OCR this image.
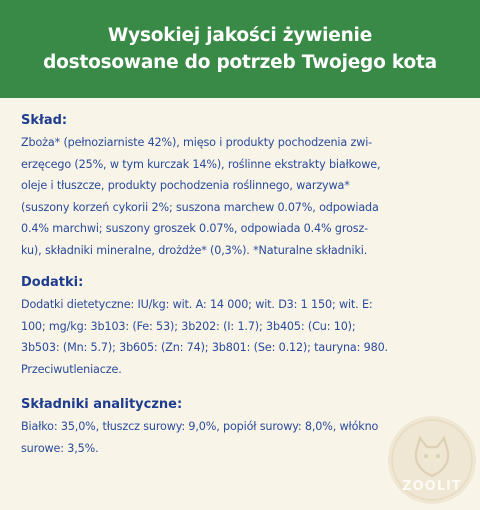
Wysokiej jakości żywienie
dostosowane do potrzeb Twojego kota
Skład:
Zboża* (pełnoziarniste 42%), mięso i produkty pochodzenia zwi-
erzęcego (25%, w tym kurczak 14%), roślinne ekstrakty białkowe,
oleje i tłuszcze, produkty pochodzenia roślinnego, warzywa*
(suszony korzeń cykorii 2%; suszona marchew 0.07%, odpowiada
0.4% marchwi; suszony groszek 0.07%, odpowiada 0.4% grosz-
ku), składniki mineralne, drożdże* (0,3%). *Naturalne składniki.
Dodatki:
Dodatki dietetyczne: IU/kg: wit. A: 14 000; wit. D3: 1 150; wit. E:
100; mg/kg: 3b103: (Fe: 53); 3b202: (I: 1.7); 3b405: (Cu: 10);
3b503: (Mn: 5.7); 3b605: (Zn: 74); 3b801: (Se: 0.12); tauryna: 980.
Przeciwutleniacze.
Składniki analityczne:
Białko: 35,0%, tłuszcz surowy: 9,0%, popiół surowy: 8,0%, włókno
surowe: 3,5%.
ZOOLIT
